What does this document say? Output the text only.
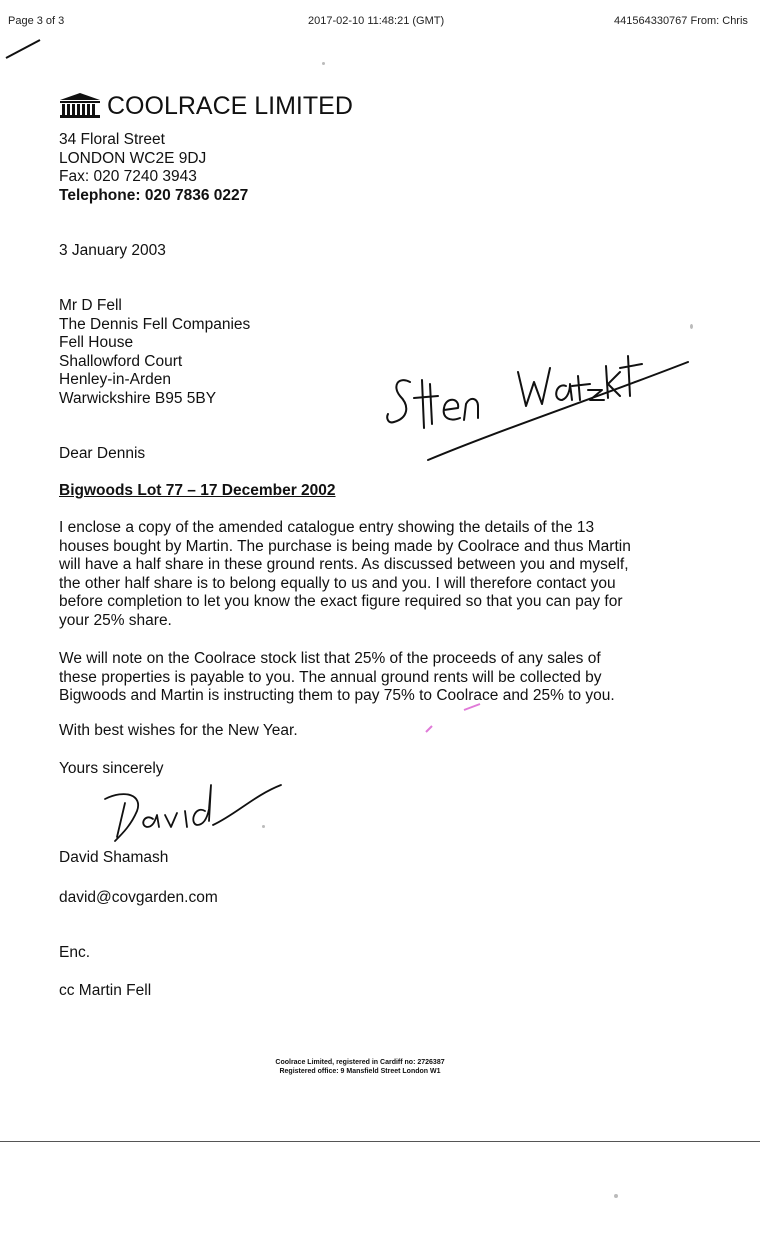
Page 3 of 3	2017-02-10 11:48:21 (GMT)	441564330767 From: Chris
COOLRACE LIMITED
34 Floral Street
LONDON WC2E 9DJ
Fax: 020 7240 3943
Telephone: 020 7836 0227
3 January 2003
Mr D Fell
The Dennis Fell Companies
Fell House
Shallowford Court
Henley-in-Arden
Warwickshire B95 5BY
Dear Dennis
Bigwoods Lot 77 – 17 December 2002
I enclose a copy of the amended catalogue entry showing the details of the 13
houses bought by Martin. The purchase is being made by Coolrace and thus Martin
will have a half share in these ground rents. As discussed between you and myself,
the other half share is to belong equally to us and you. I will therefore contact you
before completion to let you know the exact figure required so that you can pay for
your 25% share.
We will note on the Coolrace stock list that 25% of the proceeds of any sales of
these properties is payable to you. The annual ground rents will be collected by
Bigwoods and Martin is instructing them to pay 75% to Coolrace and 25% to you.
With best wishes for the New Year.
Yours sincerely
David Shamash
david@covgarden.com
Enc.
cc Martin Fell
Coolrace Limited, registered in Cardiff no: 2726387
Registered office: 9 Mansfield Street London W1
